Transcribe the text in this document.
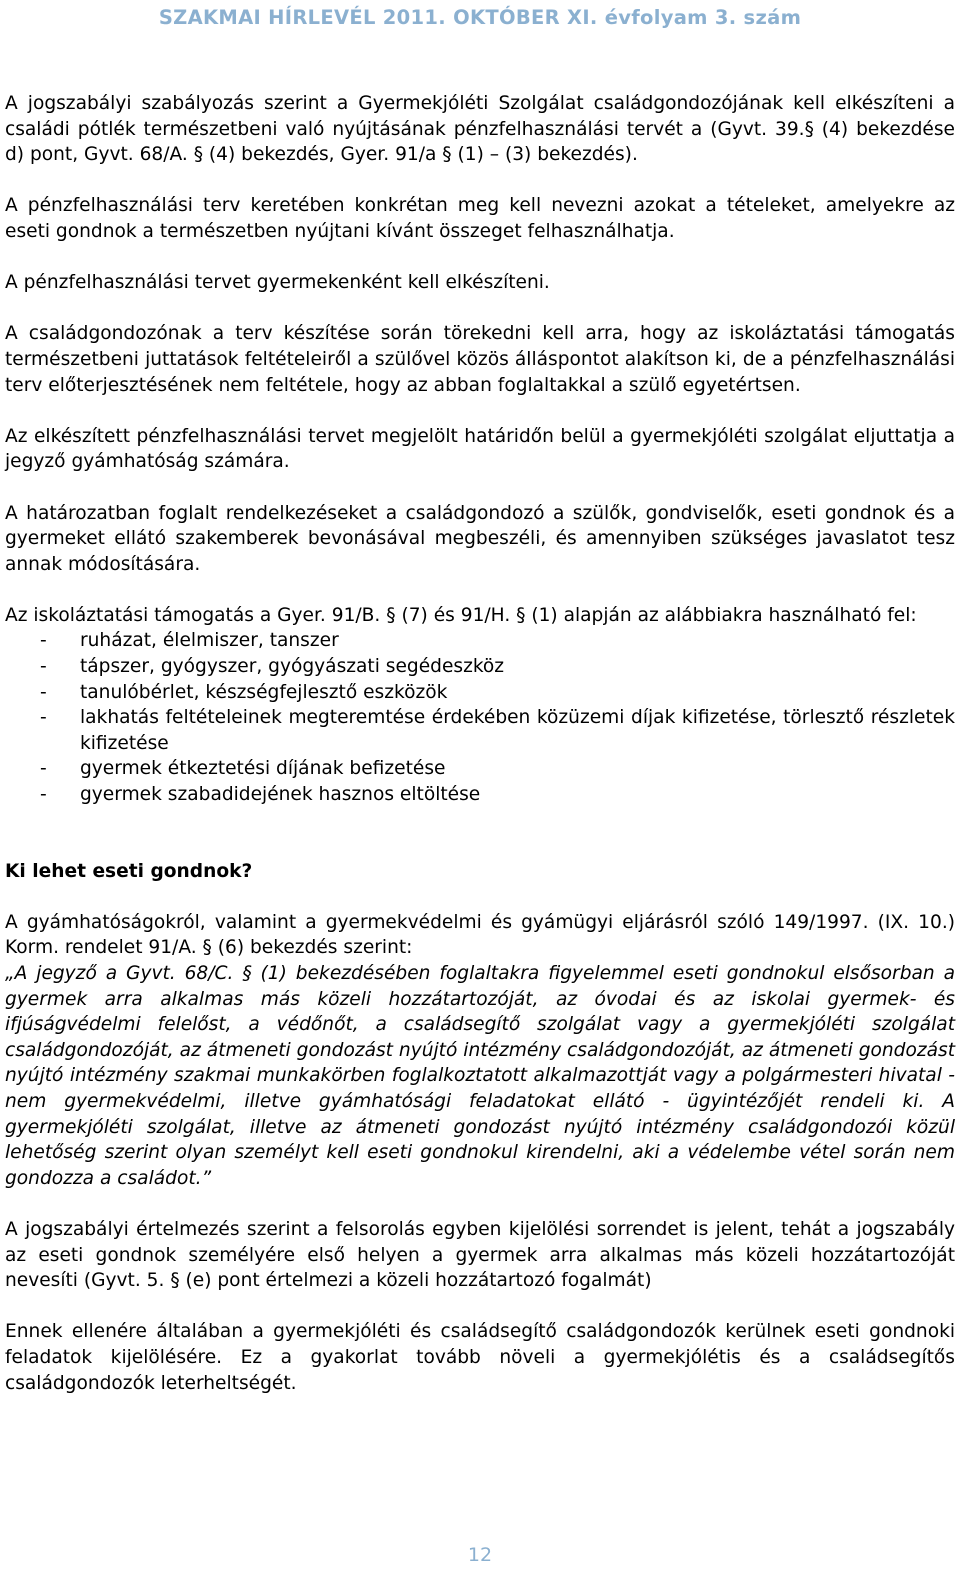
SZAKMAI HÍRLEVÉL 2011. OKTÓBER XI. évfolyam 3. szám

A jogszabályi szabályozás szerint a Gyermekjóléti Szolgálat családgondozójának kell elkészíteni a családi pótlék természetbeni való nyújtásának pénzfelhasználási tervét a (Gyvt. 39.§ (4) bekezdése d) pont, Gyvt. 68/A. § (4) bekezdés, Gyer. 91/a § (1) – (3) bekezdés).

A pénzfelhasználási terv keretében konkrétan meg kell nevezni azokat a tételeket, amelyekre az eseti gondnok a természetben nyújtani kívánt összeget felhasználhatja.

A pénzfelhasználási tervet gyermekenként kell elkészíteni.

A családgondozónak a terv készítése során törekedni kell arra, hogy az iskoláztatási támogatás természetbeni juttatások feltételeiről a szülővel közös álláspontot alakítson ki, de a pénzfelhasználási terv előterjesztésének nem feltétele, hogy az abban foglaltakkal a szülő egyetértsen.

Az elkészített pénzfelhasználási tervet megjelölt határidőn belül a gyermekjóléti szolgálat eljuttatja a jegyző gyámhatóság számára.

A határozatban foglalt rendelkezéseket a családgondozó a szülők, gondviselők, eseti gondnok és a gyermeket ellátó szakemberek bevonásával megbeszéli, és amennyiben szükséges javaslatot tesz annak módosítására.

Az iskoláztatási támogatás a Gyer. 91/B. § (7) és 91/H. § (1) alapján az alábbiakra használható fel:

- ruházat, élelmiszer, tanszer
- tápszer, gyógyszer, gyógyászati segédeszköz
- tanulóbérlet, készségfejlesztő eszközök
- lakhatás feltételeinek megteremtése érdekében közüzemi díjak kifizetése, törlesztő részletek kifizetése
- gyermek étkeztetési díjának befizetése
- gyermek szabadidejének hasznos eltöltése
Ki lehet eseti gondnok?

A gyámhatóságokról, valamint a gyermekvédelmi és gyámügyi eljárásról szóló 149/1997. (IX. 10.) Korm. rendelet 91/A. § (6) bekezdés szerint:

„A jegyző a Gyvt. 68/C. § (1) bekezdésében foglaltakra figyelemmel eseti gondnokul elsősorban a gyermek arra alkalmas más közeli hozzátartozóját, az óvodai és az iskolai gyermek- és ifjúságvédelmi felelőst, a védőnőt, a családsegítő szolgálat vagy a gyermekjóléti szolgálat családgondozóját, az átmeneti gondozást nyújtó intézmény családgondozóját, az átmeneti gondozást nyújtó intézmény szakmai munkakörben foglalkoztatott alkalmazottját vagy a polgármesteri hivatal - nem gyermekvédelmi, illetve gyámhatósági feladatokat ellátó - ügyintézőjét rendeli ki. A gyermekjóléti szolgálat, illetve az átmeneti gondozást nyújtó intézmény családgondozói közül lehetőség szerint olyan személyt kell eseti gondnokul kirendelni, aki a védelembe vétel során nem gondozza a családot.”

A jogszabályi értelmezés szerint a felsorolás egyben kijelölési sorrendet is jelent, tehát a jogszabály az eseti gondnok személyére első helyen a gyermek arra alkalmas más közeli hozzátartozóját nevesíti (Gyvt. 5. § (e) pont értelmezi a közeli hozzátartozó fogalmát)

Ennek ellenére általában a gyermekjóléti és családsegítő családgondozók kerülnek eseti gondnoki feladatok kijelölésére. Ez a gyakorlat tovább növeli a gyermekjólétis és a családsegítős családgondozók leterheltségét.

12
